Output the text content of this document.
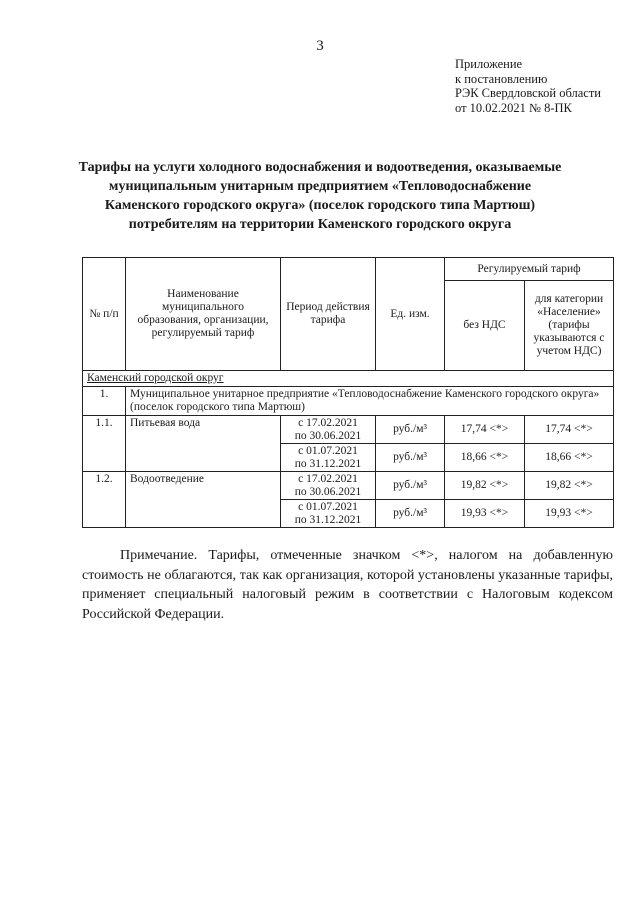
3
Приложение
к постановлению
РЭК Свердловской области
от 10.02.2021 № 8-ПК
Тарифы на услуги холодного водоснабжения и водоотведения, оказываемые
муниципальным унитарным предприятием «Тепловодоснабжение
Каменского городского округа» (поселок городского типа Мартюш)
потребителям на территории Каменского городского округа
№ п/п	Наименование муниципального образования, организации, регулируемый тариф	Период действия тарифа	Ед. изм.	Регулируемый тариф	
				без НДС	для категории «Население» (тарифы указываются с учетом НДС)
Каменский городской округ					
1.	Муниципальное унитарное предприятие «Тепловодоснабжение Каменского городского округа» (поселок городского типа Мартюш)				
1.1.	Питьевая вода	с 17.02.2021
по 30.06.2021	руб./м³	17,74 <*>	17,74 <*>

		с 01.07.2021
по 31.12.2021	руб./м³	18,66 <*>	18,66 <*>
1.2.	Водоотведение	с 17.02.2021
по 30.06.2021	руб./м³	19,82 <*>	19,82 <*>

		с 01.07.2021
по 31.12.2021	руб./м³	19,93 <*>	19,93 <*>
Примечание. Тарифы, отмеченные значком <*>, налогом на добавленную стоимость не облагаются, так как организация, которой установлены указанные тарифы, применяет специальный налоговый режим в соответствии с Налоговым кодексом Российской Федерации.
